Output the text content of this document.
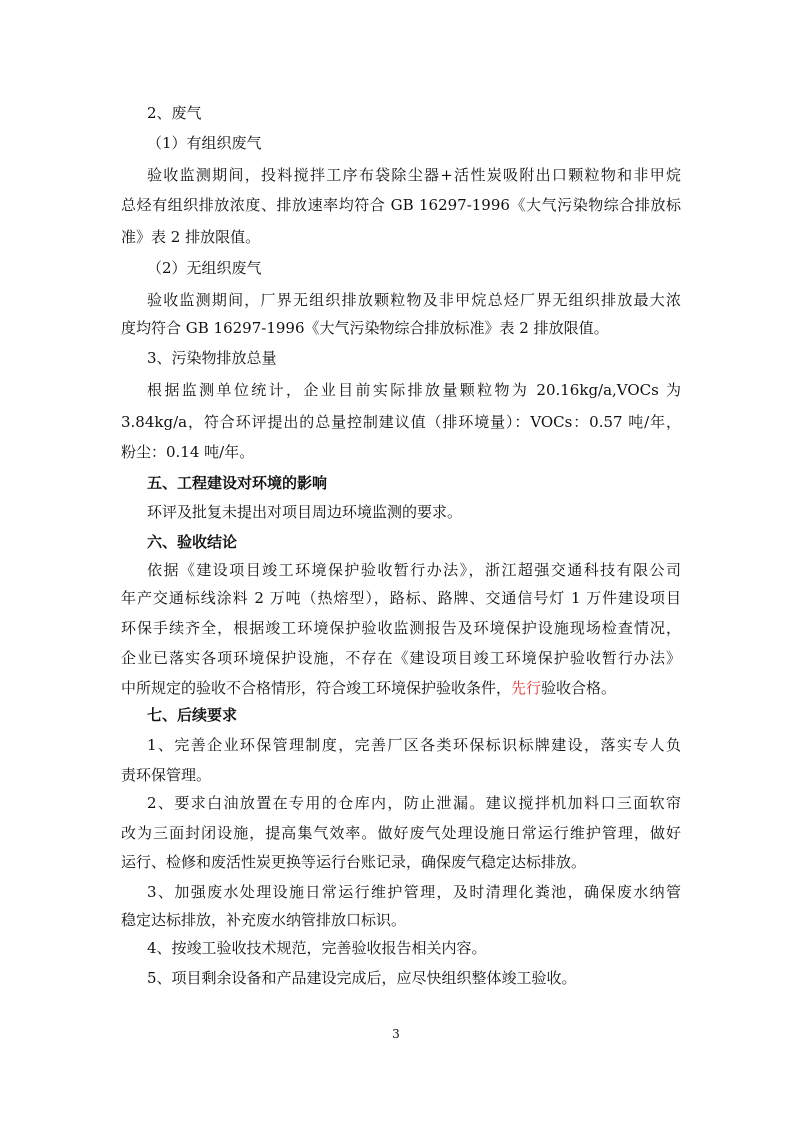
2、废气
（1）有组织废气
验收监测期间，投料搅拌工序布袋除尘器+活性炭吸附出口颗粒物和非甲烷
总烃有组织排放浓度、排放速率均符合 GB 16297-1996《大气污染物综合排放标
准》表 2 排放限值。
（2）无组织废气
验收监测期间，厂界无组织排放颗粒物及非甲烷总烃厂界无组织排放最大浓
度均符合 GB 16297-1996《大气污染物综合排放标准》表 2 排放限值。
3、污染物排放总量
根据监测单位统计，企业目前实际排放量颗粒物为 20.16kg/a,VOCs 为
3.84kg/a，符合环评提出的总量控制建议值（排环境量）：VOCs：0.57 吨/年，
粉尘：0.14 吨/年。
五、工程建设对环境的影响
环评及批复未提出对项目周边环境监测的要求。
六、验收结论
依据《建设项目竣工环境保护验收暂行办法》，浙江超强交通科技有限公司
年产交通标线涂料 2 万吨（热熔型），路标、路牌、交通信号灯 1 万件建设项目
环保手续齐全，根据竣工环境保护验收监测报告及环境保护设施现场检查情况，
企业已落实各项环境保护设施，不存在《建设项目竣工环境保护验收暂行办法》
中所规定的验收不合格情形，符合竣工环境保护验收条件，先行验收合格。
七、后续要求
1、完善企业环保管理制度，完善厂区各类环保标识标牌建设，落实专人负
责环保管理。
2、要求白油放置在专用的仓库内，防止泄漏。建议搅拌机加料口三面软帘
改为三面封闭设施，提高集气效率。做好废气处理设施日常运行维护管理，做好
运行、检修和废活性炭更换等运行台账记录，确保废气稳定达标排放。
3、加强废水处理设施日常运行维护管理，及时清理化粪池，确保废水纳管
稳定达标排放，补充废水纳管排放口标识。
4、按竣工验收技术规范，完善验收报告相关内容。
5、项目剩余设备和产品建设完成后，应尽快组织整体竣工验收。
3
